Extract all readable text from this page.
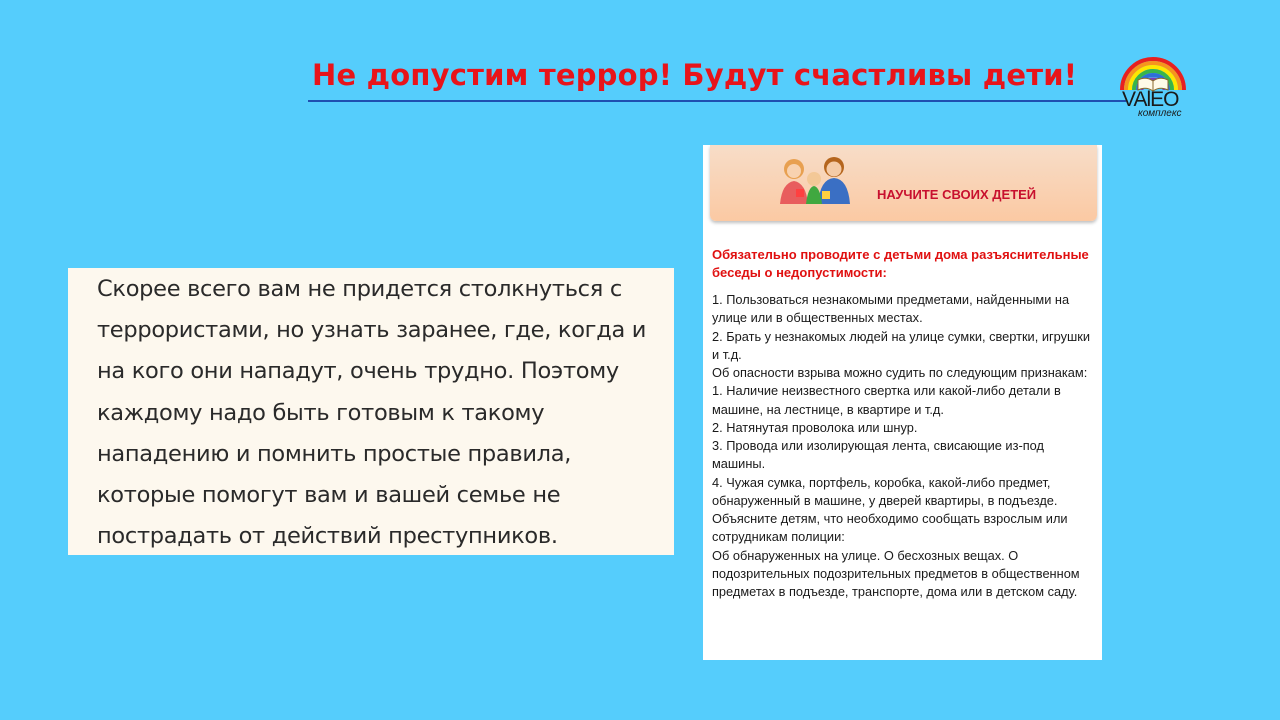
Не допустим террор! Будут счастливы дети!
VAlЕО
комплекс

Скорее всего вам не придется столкнуться с террористами, но узнать заранее, где, когда и на кого они нападут, очень трудно. Поэтому каждому надо быть готовым к такому нападению и помнить простые правила, которые помогут вам и вашей семье не пострадать от действий преступников.

НАУЧИТЕ СВОИХ ДЕТЕЙ
Обязательно проводите с детьми дома разъяснительные беседы о недопустимости:
1. Пользоваться незнакомыми предметами, найденными на улице или в общественных местах.
2. Брать у незнакомых людей на улице сумки, свертки, игрушки и т.д.
Об опасности взрыва можно судить по следующим признакам:
1. Наличие неизвестного свертка или какой-либо детали в машине, на лестнице, в квартире и т.д.
2. Натянутая проволока или шнур.
3. Провода или изолирующая лента, свисающие из-под машины.
4. Чужая сумка, портфель, коробка, какой-либо предмет, обнаруженный в машине, у дверей квартиры, в подъезде.
Объясните детям, что необходимо сообщать взрослым или сотрудникам полиции:
Об обнаруженных на улице. О бесхозных вещах. О подозрительных подозрительных предметов в общественном предметах в подъезде, транспорте, дома или в детском саду.
